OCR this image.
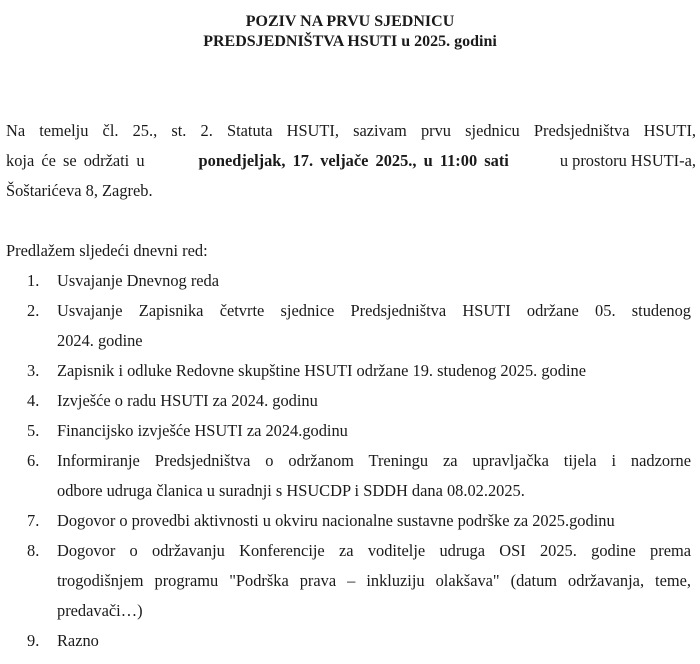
POZIV NA PRVU SJEDNICU
PREDSJEDNIŠTVA HSUTI u 2025. godini
Na temelju čl. 25., st. 2. Statuta HSUTI, sazivam prvu sjednicu Predsjedništva HSUTI,
koja će se održati u	ponedjeljak, 17. veljače 2025., u 11:00 sati	u prostoru HSUTI-a,
Šoštarićeva 8, Zagreb.
Predlažem sljedeći dnevni red:
1.	Usvajanje Dnevnog reda
2.	Usvajanje Zapisnika četvrte sjednice Predsjedništva HSUTI održane 05. studenog
2024. godine
3.	Zapisnik i odluke Redovne skupštine HSUTI održane 19. studenog 2025. godine
4.	Izvješće o radu HSUTI za 2024. godinu
5.	Financijsko izvješće HSUTI za 2024.godinu
6.	Informiranje Predsjedništva o održanom Treningu za upravljačka tijela i nadzorne
odbore udruga članica u suradnji s HSUCDP i SDDH dana 08.02.2025.
7.	Dogovor o provedbi aktivnosti u okviru nacionalne sustavne podrške za 2025.godinu
8.	Dogovor o održavanju Konferencije za voditelje udruga OSI 2025. godine prema
trogodišnjem programu "Podrška prava – inkluziju olakšava" (datum održavanja, teme,
predavači…)
9.	Razno
